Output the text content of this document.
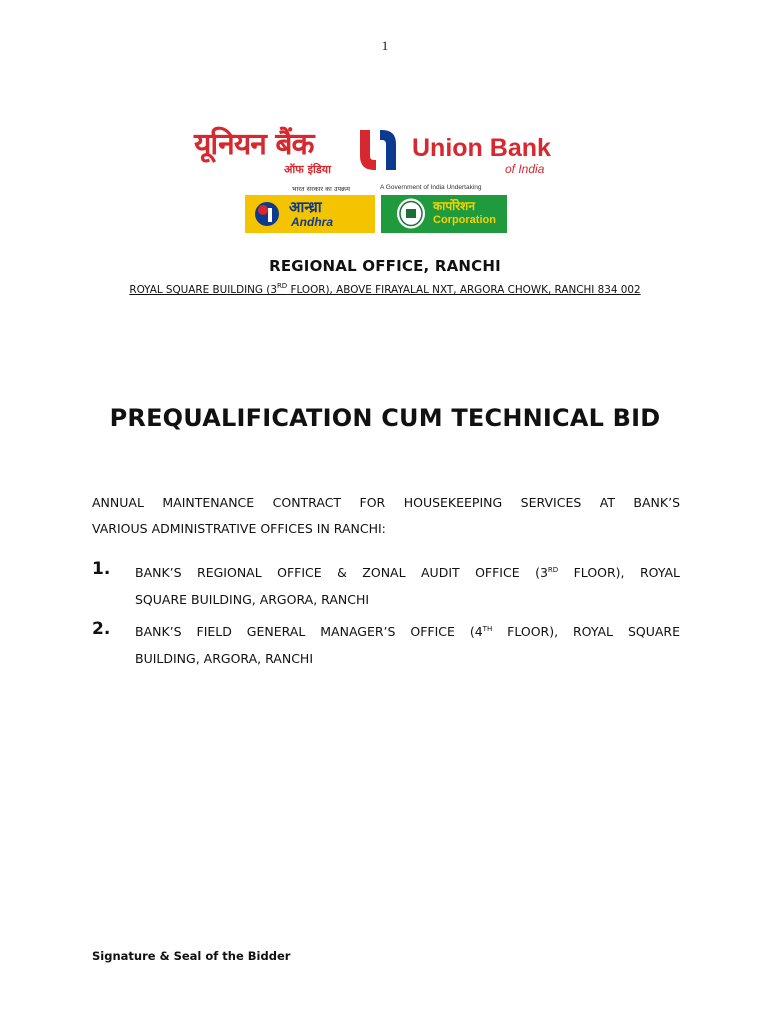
1
यूनियन बैंक
ऑफ इंडिया
Union Bank
of India
भारत सरकार का उपक्रम	A Government of India Undertaking
आन्ध्रा
Andhra
कार्पोरेशन
Corporation
REGIONAL OFFICE, RANCHI
ROYAL SQUARE BUILDING (3RD FLOOR), ABOVE FIRAYALAL NXT, ARGORA CHOWK, RANCHI 834 002
PREQUALIFICATION CUM TECHNICAL BID
ANNUAL MAINTENANCE CONTRACT FOR HOUSEKEEPING SERVICES AT BANK’S
VARIOUS ADMINISTRATIVE OFFICES IN RANCHI:
1. BANK’S REGIONAL OFFICE & ZONAL AUDIT OFFICE (3RD FLOOR), ROYAL
SQUARE BUILDING, ARGORA, RANCHI
2. BANK’S FIELD GENERAL MANAGER’S OFFICE (4TH FLOOR), ROYAL SQUARE
BUILDING, ARGORA, RANCHI
Signature & Seal of the Bidder
